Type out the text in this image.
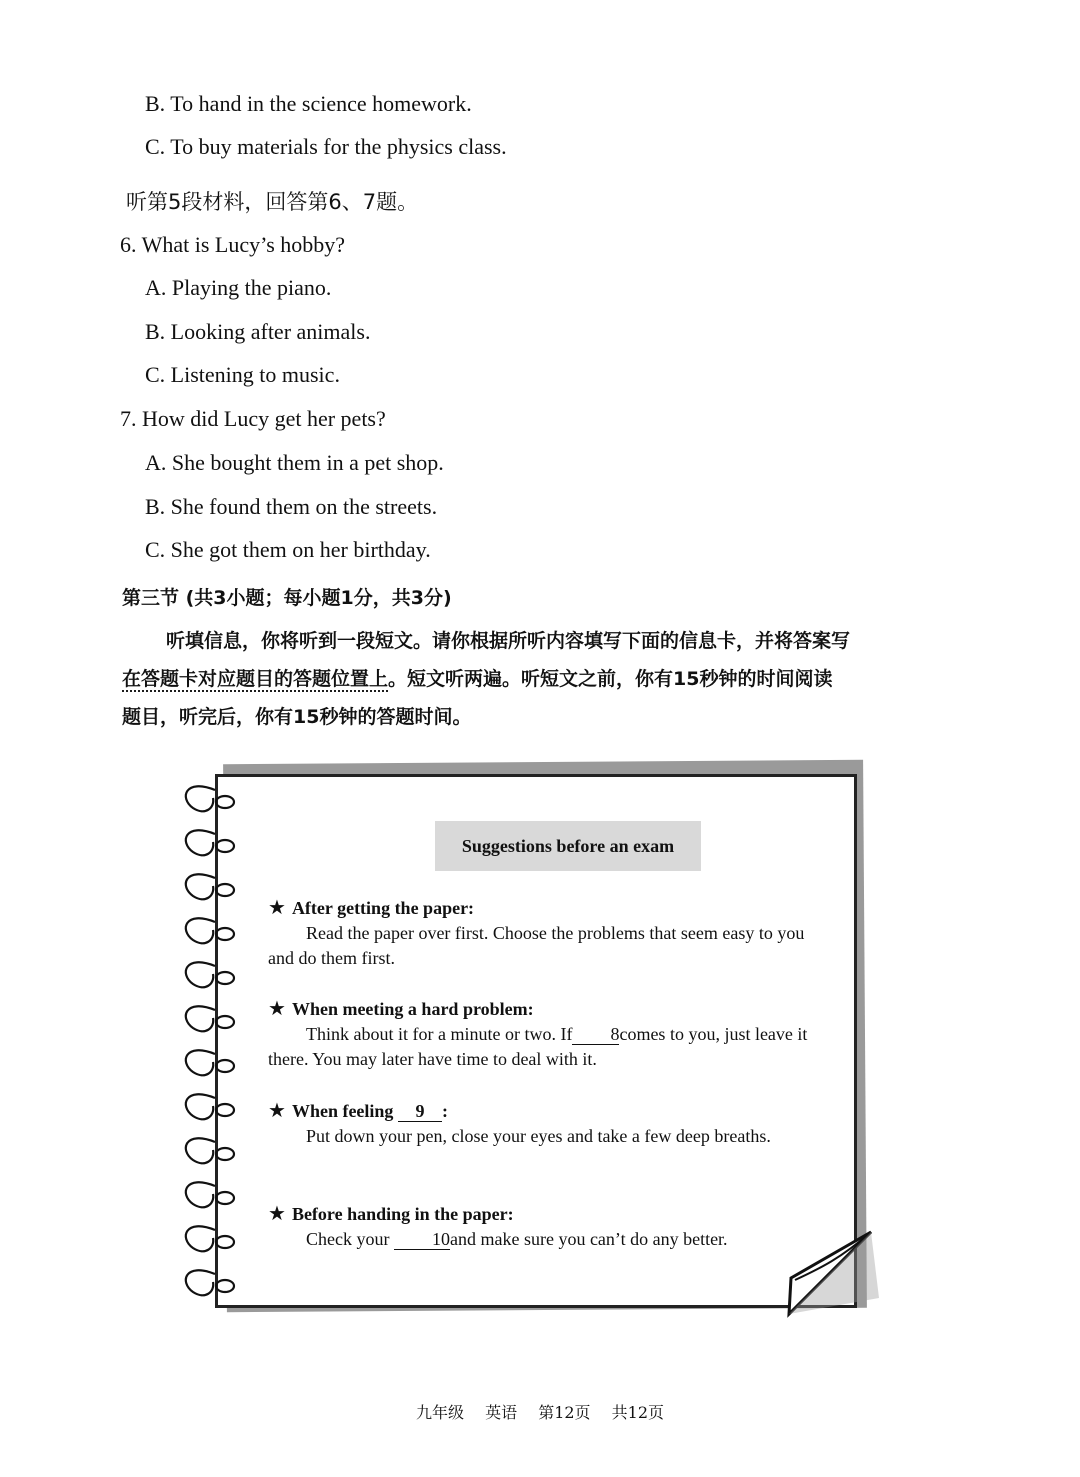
B. To hand in the science homework.
C. To buy materials for the physics class.
听第5段材料，回答第6、7题。
6. What is Lucy’s hobby?
A. Playing the piano.
B. Looking after animals.
C. Listening to music.
7. How did Lucy get her pets?
A. She bought them in a pet shop.
B. She found them on the streets.
C. She got them on her birthday.
第三节 (共3小题；每小题1分，共3分)
听填信息，你将听到一段短文。请你根据所听内容填写下面的信息卡，并将答案写
在答题卡对应题目的答题位置上。短文听两遍。听短文之前，你有15秒钟的时间阅读
题目，听完后，你有15秒钟的答题时间。
Suggestions before an exam
★ After getting the paper:
Read the paper over first. Choose the problems that seem easy to you and do them first.
★ When meeting a hard problem:
Think about it for a minute or two. If 8comes to you, just leave it there. You may later have time to deal with it.
★ When feeling 9 :
Put down your pen, close your eyes and take a few deep breaths.
★ Before handing in the paper:
Check your 10and make sure you can’t do any better.
九年级 英语 第12页 共12页
